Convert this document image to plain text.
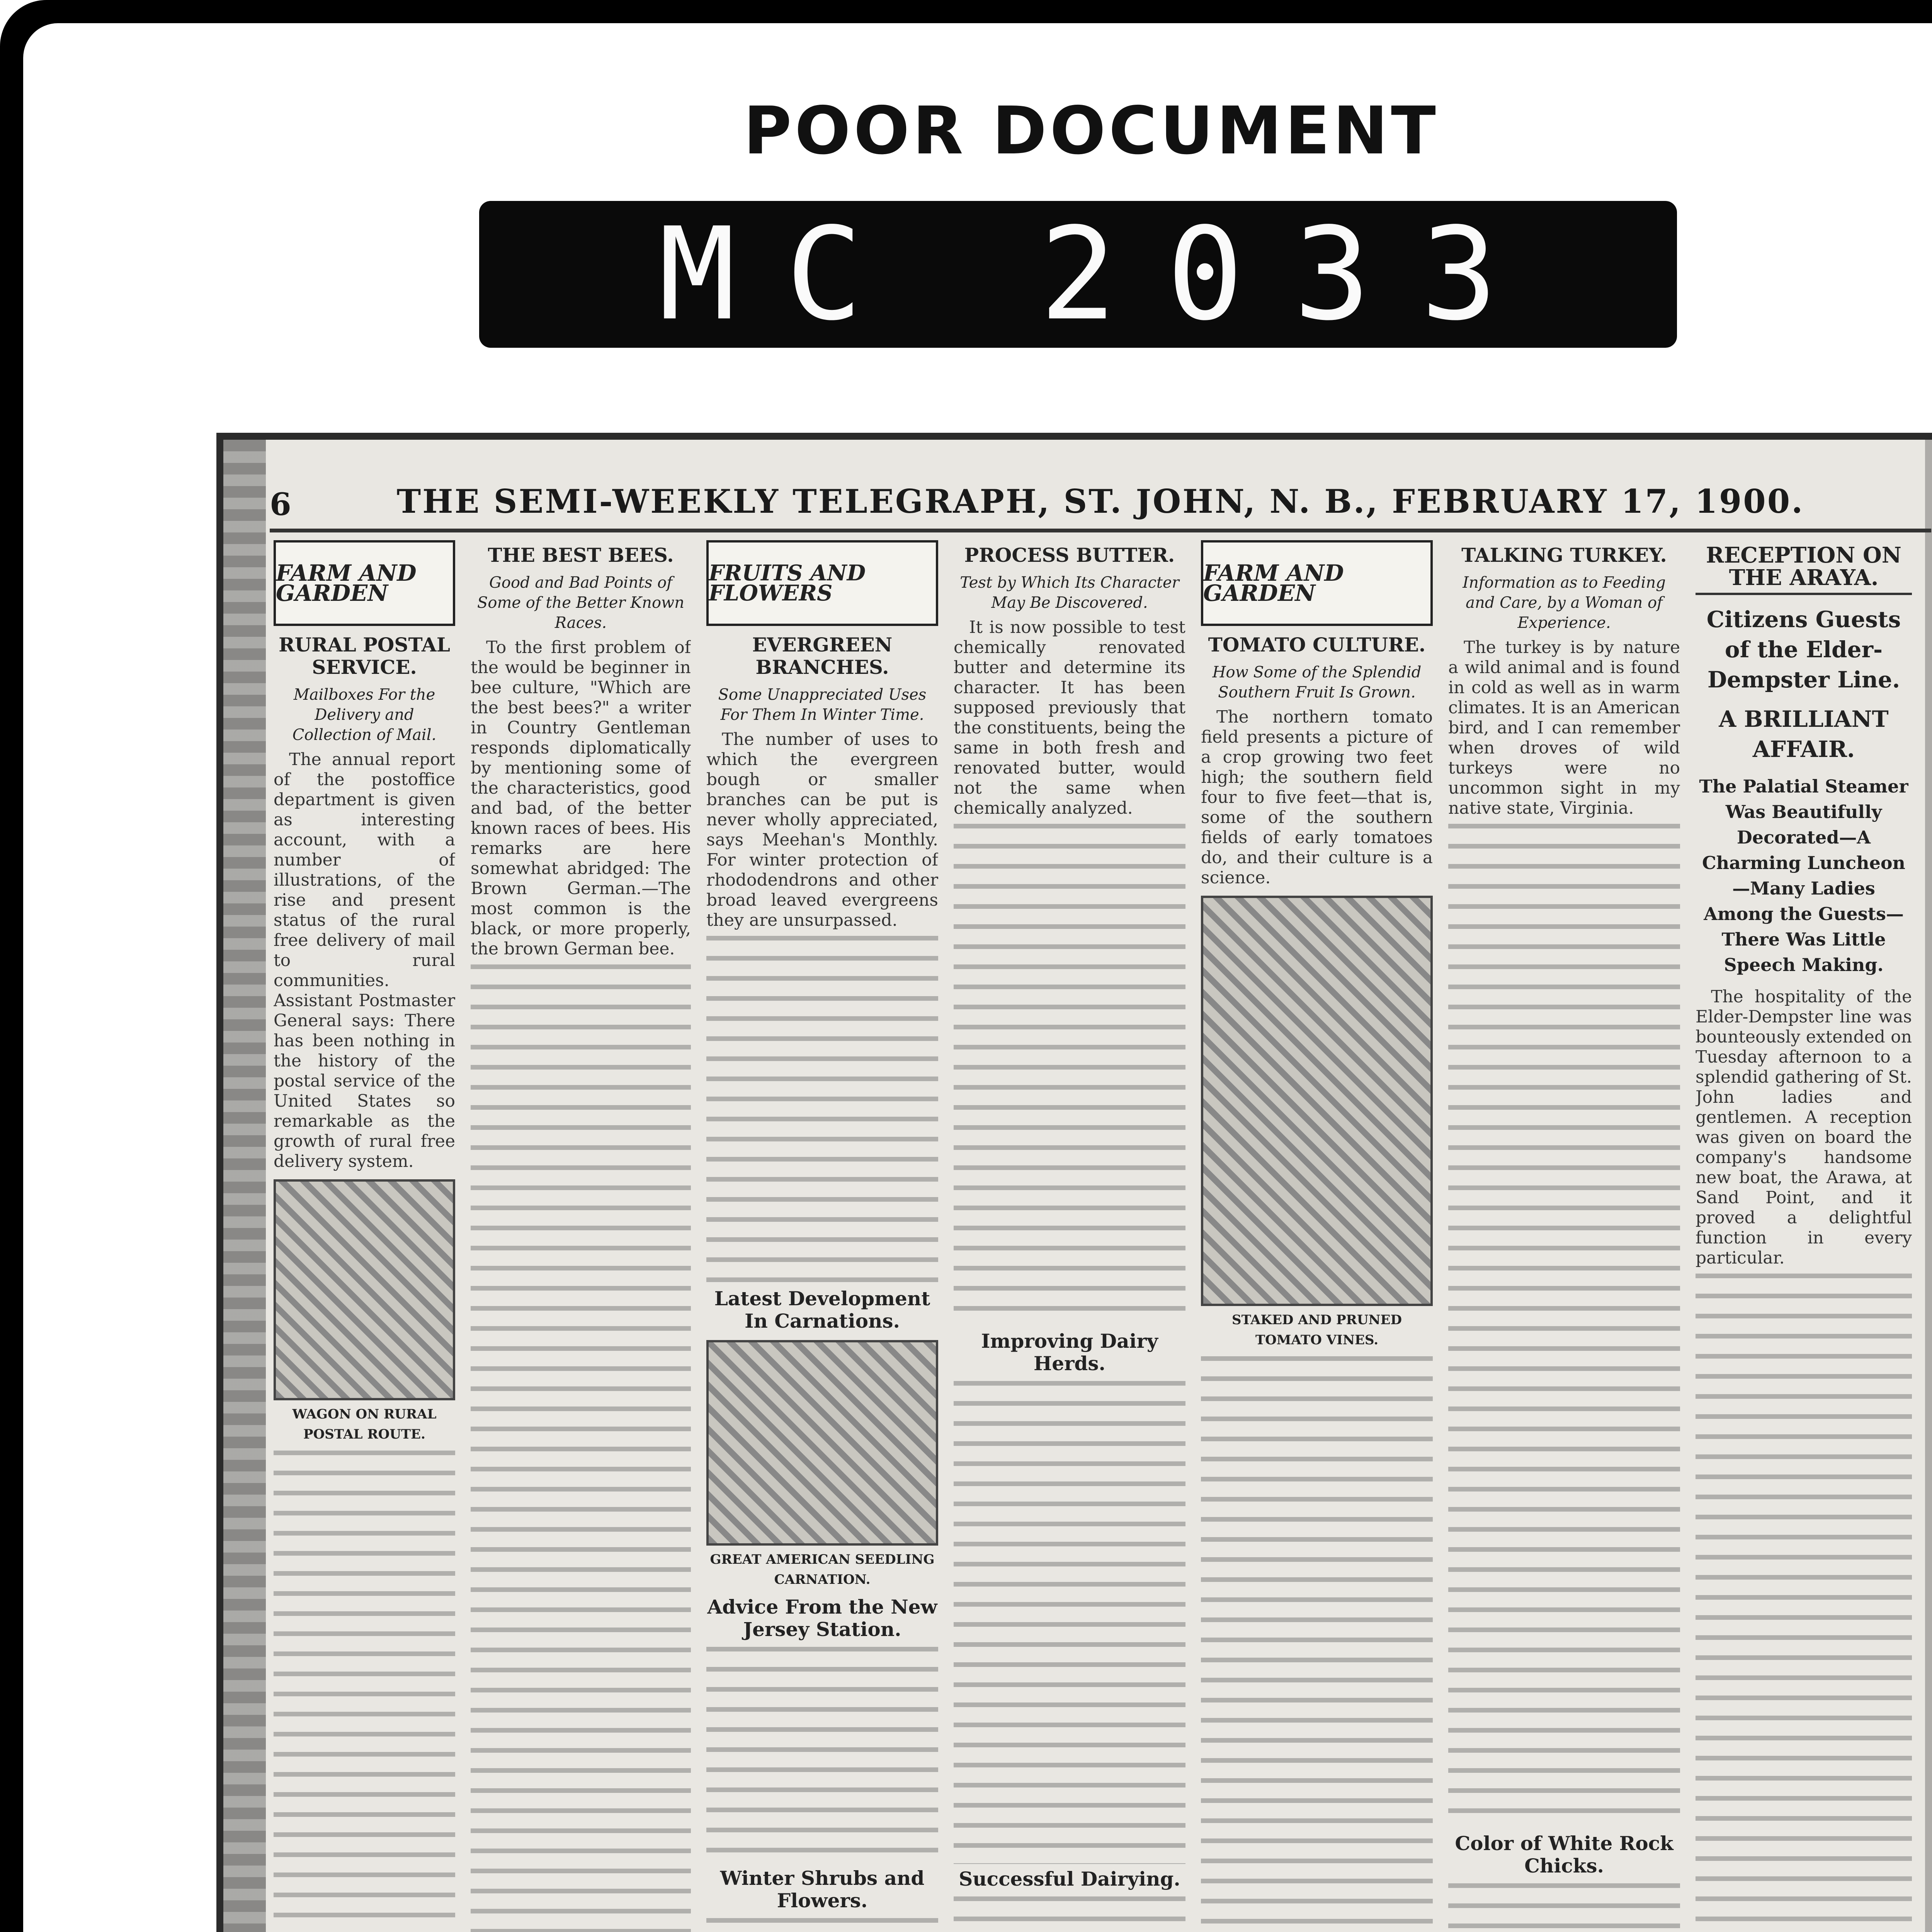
POOR DOCUMENT
MC 2033
6	THE SEMI-WEEKLY TELEGRAPH, ST. JOHN, N. B., FEBRUARY 17, 1900.
FARM AND GARDEN
RURAL POSTAL SERVICE.
Mailboxes For the Delivery and Collection of Mail.

The annual report of the postoffice department is given as interesting account, with a number of illustrations, of the rise and present status of the rural free delivery of mail to rural communities. Assistant Postmaster General says: There has been nothing in the history of the postal service of the United States so remarkable as the growth of rural free delivery system.

WAGON ON RURAL POSTAL ROUTE.

THE BEST BEES.
Good and Bad Points of Some of the Better Known Races.

To the first problem of the would be beginner in bee culture, "Which are the best bees?" a writer in Country Gentleman responds diplomatically by mentioning some of the characteristics, good and bad, of the better known races of bees. His remarks are here somewhat abridged: The Brown German.—The most common is the black, or more properly, the brown German bee.

FRUITS AND FLOWERS
EVERGREEN BRANCHES.
Some Unappreciated Uses For Them In Winter Time.

The number of uses to which the evergreen bough or smaller branches can be put is never wholly appreciated, says Meehan's Monthly. For winter protection of rhododendrons and other broad leaved evergreens they are unsurpassed.

Latest Development In Carnations.
GREAT AMERICAN SEEDLING CARNATION.
Advice From the New Jersey Station.
Winter Shrubs and Flowers.
PROCESS BUTTER.
Test by Which Its Character May Be Discovered.

It is now possible to test chemically renovated butter and determine its character. It has been supposed previously that the constituents, being the same in both fresh and renovated butter, would not the same when chemically analyzed.

Improving Dairy Herds.
Successful Dairying.
FARM AND GARDEN
TOMATO CULTURE.
How Some of the Splendid Southern Fruit Is Grown.

The northern tomato field presents a picture of a crop growing two feet high; the southern field four to five feet—that is, some of the southern fields of early tomatoes do, and their culture is a science.

STAKED AND PRUNED TOMATO VINES.
TALKING TURKEY.
Information as to Feeding and Care, by a Woman of Experience.

The turkey is by nature a wild animal and is found in cold as well as in warm climates. It is an American bird, and I can remember when droves of wild turkeys were no uncommon sight in my native state, Virginia.

Color of White Rock Chicks.

RECEPTION ON THE ARAYA.
Citizens Guests of the Elder-Dempster Line.
A BRILLIANT AFFAIR.
The Palatial Steamer Was Beautifully Decorated—A Charming Luncheon—Many Ladies Among the Guests—There Was Little Speech Making.

The hospitality of the Elder-Dempster line was bounteously extended on Tuesday afternoon to a splendid gathering of St. John ladies and gentlemen. A reception was given on board the company's handsome new boat, the Arawa, at Sand Point, and it proved a delightful function in every particular.
